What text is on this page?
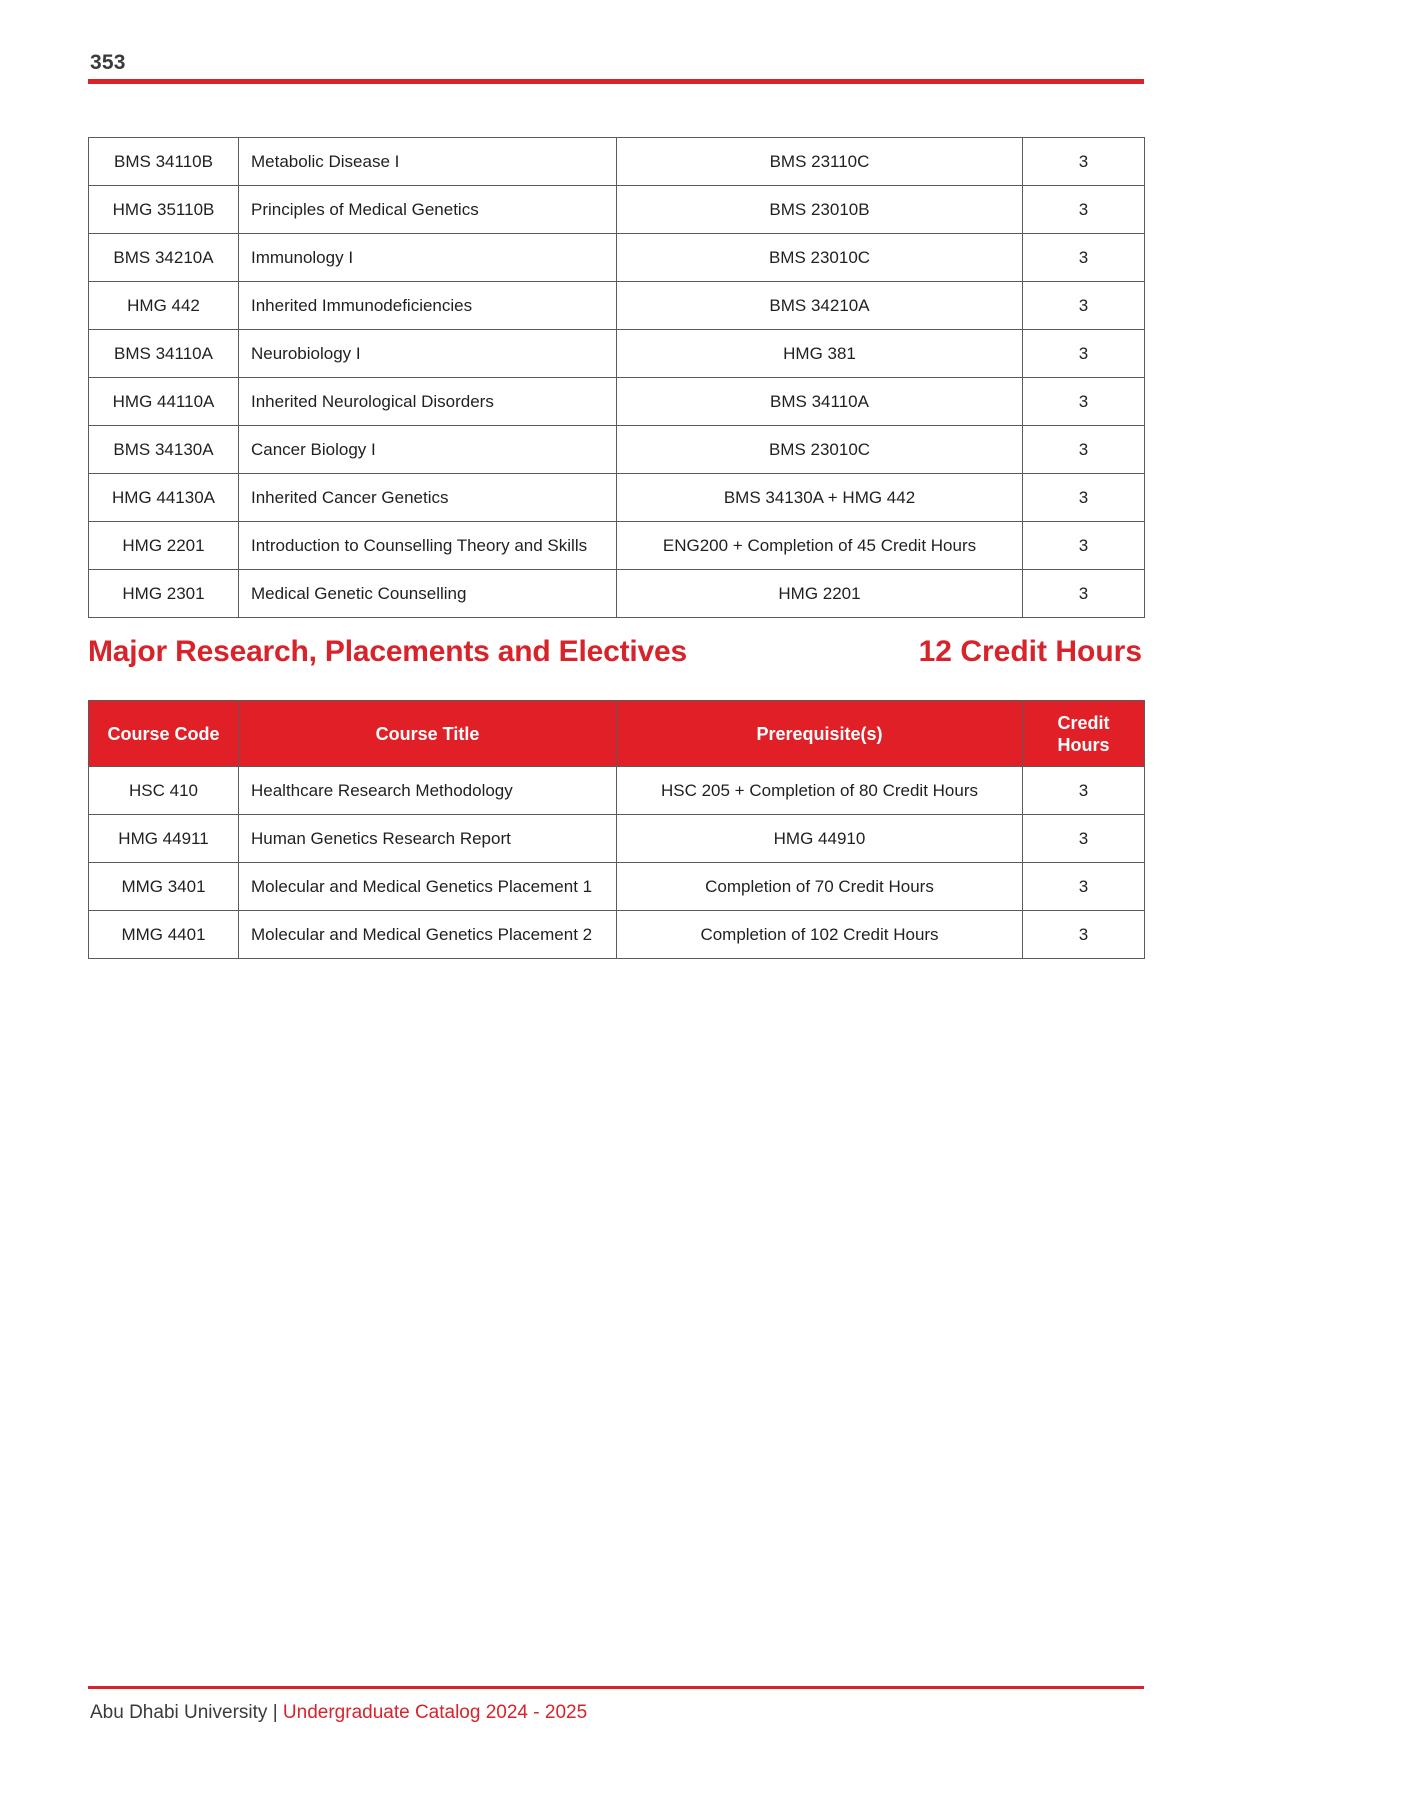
353
BMS 34110B	Metabolic Disease I	BMS 23110C	3
HMG 35110B	Principles of Medical Genetics	BMS 23010B	3
BMS 34210A	Immunology I	BMS 23010C	3
HMG 442	Inherited Immunodeficiencies	BMS 34210A	3
BMS 34110A	Neurobiology I	HMG 381	3
HMG 44110A	Inherited Neurological Disorders	BMS 34110A	3
BMS 34130A	Cancer Biology I	BMS 23010C	3
HMG 44130A	Inherited Cancer Genetics	BMS 34130A + HMG 442	3
HMG 2201	Introduction to Counselling Theory and Skills	ENG200 + Completion of 45 Credit Hours	3
HMG 2301	Medical Genetic Counselling	HMG 2201	3
Major Research, Placements and Electives	12 Credit Hours
Course Code	Course Title	Prerequisite(s)	Credit
Hours

HSC 410	Healthcare Research Methodology	HSC 205 + Completion of 80 Credit Hours	3
HMG 44911	Human Genetics Research Report	HMG 44910	3
MMG 3401	Molecular and Medical Genetics Placement 1	Completion of 70 Credit Hours	3
MMG 4401	Molecular and Medical Genetics Placement 2	Completion of 102 Credit Hours	3
Abu Dhabi University | Undergraduate Catalog 2024 - 2025
